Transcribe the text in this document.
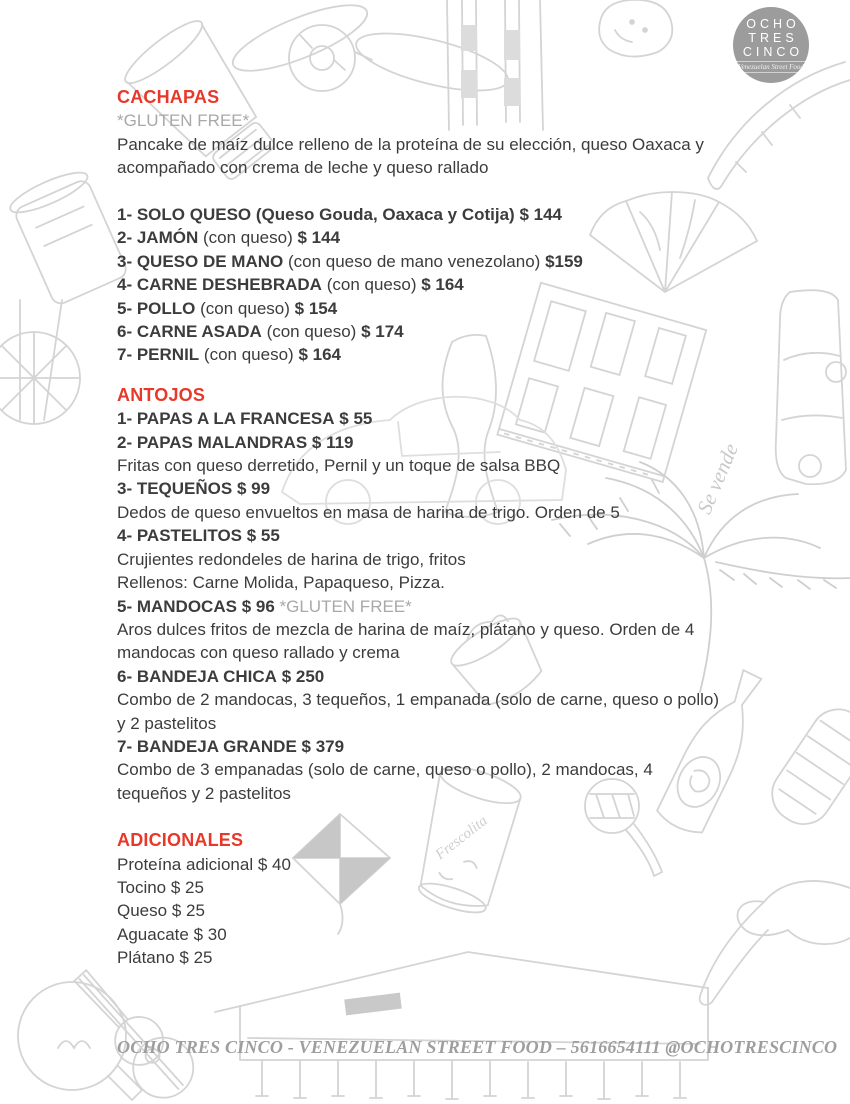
Frescolita
OCHO
TRES
CINCO
Venezuelan Street Food
CACHAPAS
*GLUTEN FREE*
Pancake de maíz dulce relleno de la proteína de su elección, queso Oaxaca y
acompañado con crema de leche y queso rallado
1- SOLO QUESO (Queso Gouda, Oaxaca y Cotija) $ 144
2- JAMÓN (con queso) $ 144
3- QUESO DE MANO (con queso de mano venezolano) $159
4- CARNE DESHEBRADA (con queso) $ 164
5- POLLO (con queso) $ 154
6- CARNE ASADA (con queso) $ 174
7- PERNIL (con queso) $ 164
ANTOJOS
1- PAPAS A LA FRANCESA $ 55
2- PAPAS MALANDRAS $ 119
Fritas con queso derretido, Pernil y un toque de salsa BBQ
3- TEQUEÑOS $ 99
Dedos de queso envueltos en masa de harina de trigo. Orden de 5
4- PASTELITOS $ 55
Crujientes redondeles de harina de trigo, fritos
Rellenos: Carne Molida, Papaqueso, Pizza.
5- MANDOCAS $ 96 *GLUTEN FREE*
Aros dulces fritos de mezcla de harina de maíz, plátano y queso. Orden de 4
mandocas con queso rallado y crema
6- BANDEJA CHICA $ 250
Combo de 2 mandocas, 3 tequeños, 1 empanada (solo de carne, queso o pollo)
y 2 pastelitos
7- BANDEJA GRANDE $ 379
Combo de 3 empanadas (solo de carne, queso o pollo), 2 mandocas, 4
tequeños y 2 pastelitos
ADICIONALES
Proteína adicional $ 40
Tocino $ 25
Queso $ 25
Aguacate $ 30
Plátano $ 25
OCHO TRES CINCO - VENEZUELAN STREET FOOD – 5616654111 @OCHOTRESCINCO
Se vende
